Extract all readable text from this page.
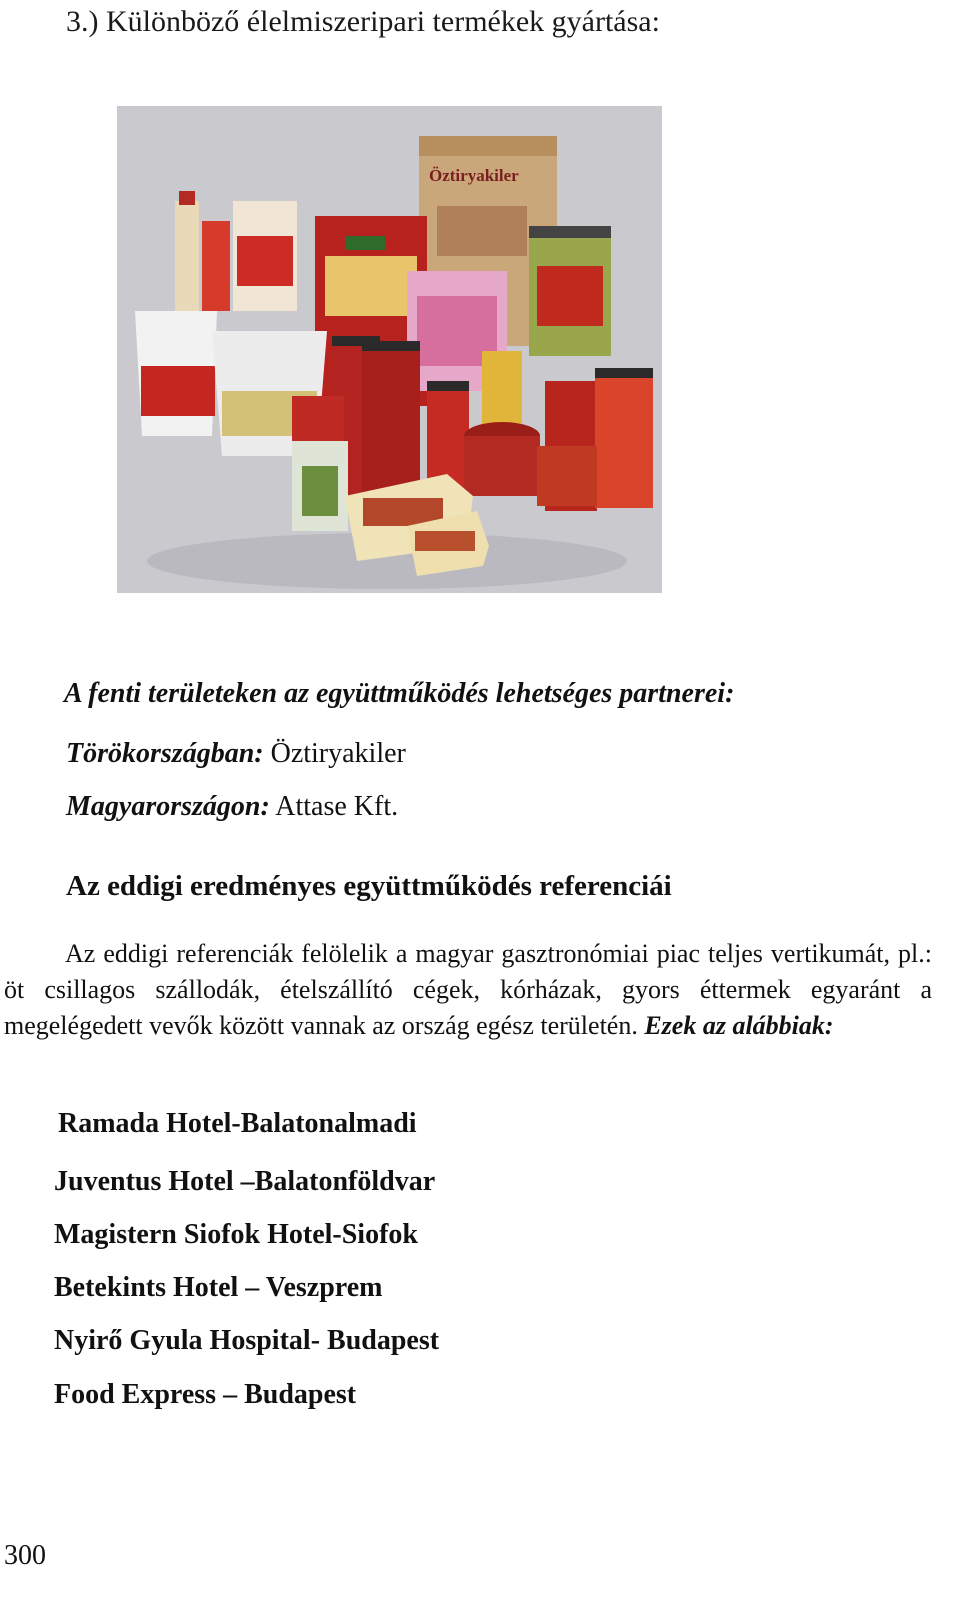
3.) Különböző élelmiszeripari termékek gyártása:
Öztiryakiler
A fenti területeken az együttműködés lehetséges partnerei:
Törökországban: Öztiryakiler
Magyarországon: Attase Kft.
Az eddigi eredményes együttműködés referenciái
Az eddigi referenciák felölelik a magyar gasztronómiai piac teljes vertikumát, pl.: öt csillagos szállodák, ételszállító cégek, kórházak, gyors éttermek egyaránt a megelégedett vevők között vannak az ország egész területén. Ezek az alábbiak:
Ramada Hotel-Balatonalmadi
Juventus Hotel –Balatonföldvar
Magistern Siofok Hotel-Siofok
Betekints Hotel – Veszprem
Nyirő Gyula Hospital- Budapest
Food Express – Budapest
300
